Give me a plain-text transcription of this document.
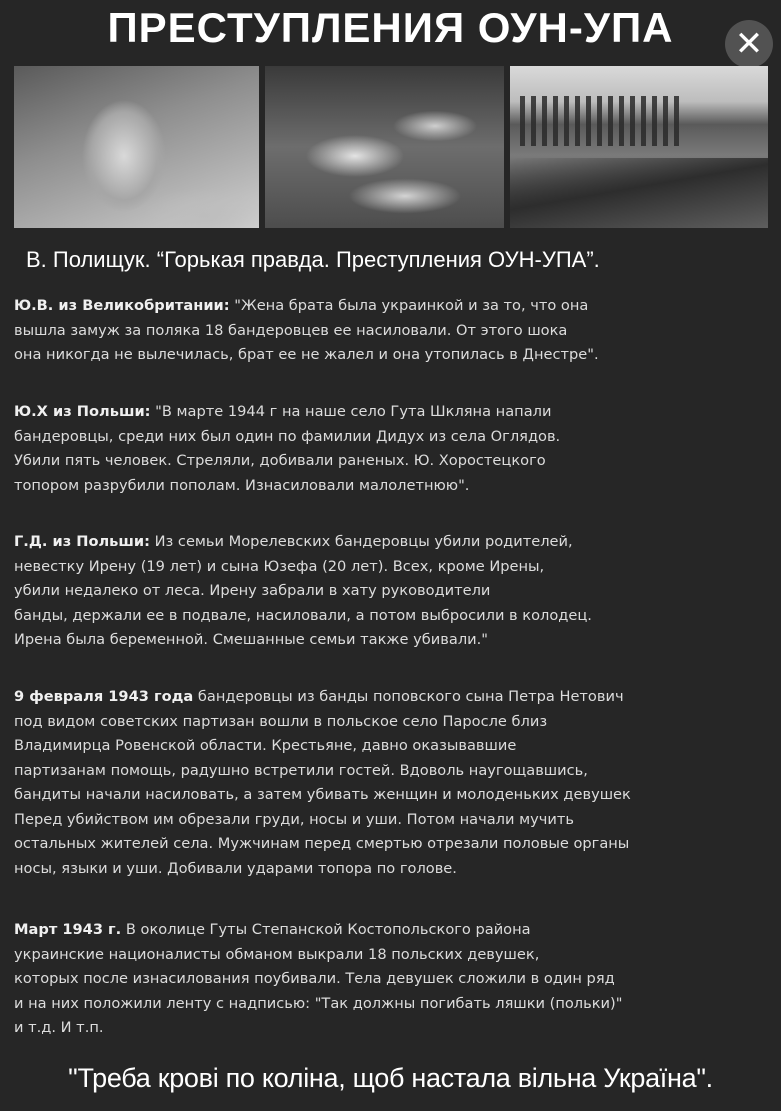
ПРЕСТУПЛЕНИЯ ОУН-УПА	✕
В. Полищук. “Горькая правда. Преступления ОУН-УПА”.
Ю.В. из Великобритании: "Жена брата была украинкой и за то, что она
вышла замуж за поляка 18 бандеровцев ее насиловали. От этого шока
она никогда не вылечилась, брат ее не жалел и она утопилась в Днестре".
Ю.Х из Польши: "В марте 1944 г на наше село Гута Шкляна напали
бандеровцы, среди них был один по фамилии Дидух из села Оглядов.
Убили пять человек. Стреляли, добивали раненых. Ю. Хоростецкого
топором разрубили пополам. Изнасиловали малолетнюю".
Г.Д. из Польши: Из семьи Морелевских бандеровцы убили родителей,
невестку Ирену (19 лет) и сына Юзефа (20 лет). Всех, кроме Ирены,
убили недалеко от леса. Ирену забрали в хату руководители
банды, держали ее в подвале, насиловали, а потом выбросили в колодец.
Ирена была беременной. Смешанные семьи также убивали."
9 февраля 1943 года бандеровцы из банды поповского сына Петра Нетович
под видом советских партизан вошли в польское село Паросле близ
Владимирца Ровенской области. Крестьяне, давно оказывавшие
партизанам помощь, радушно встретили гостей. Вдоволь наугощавшись,
бандиты начали насиловать, а затем убивать женщин и молоденьких девушек
Перед убийством им обрезали груди, носы и уши. Потом начали мучить
остальных жителей села. Мужчинам перед смертью отрезали половые органы
носы, языки и уши. Добивали ударами топора по голове.
Март 1943 г. В околице Гуты Степанской Костопольского района
украинские националисты обманом выкрали 18 польских девушек,
которых после изнасилования поубивали. Тела девушек сложили в один ряд
и на них положили ленту с надписью: "Так должны погибать ляшки (польки)"
и т.д. И т.п.
"Треба крові по коліна, щоб настала вільна Україна".
